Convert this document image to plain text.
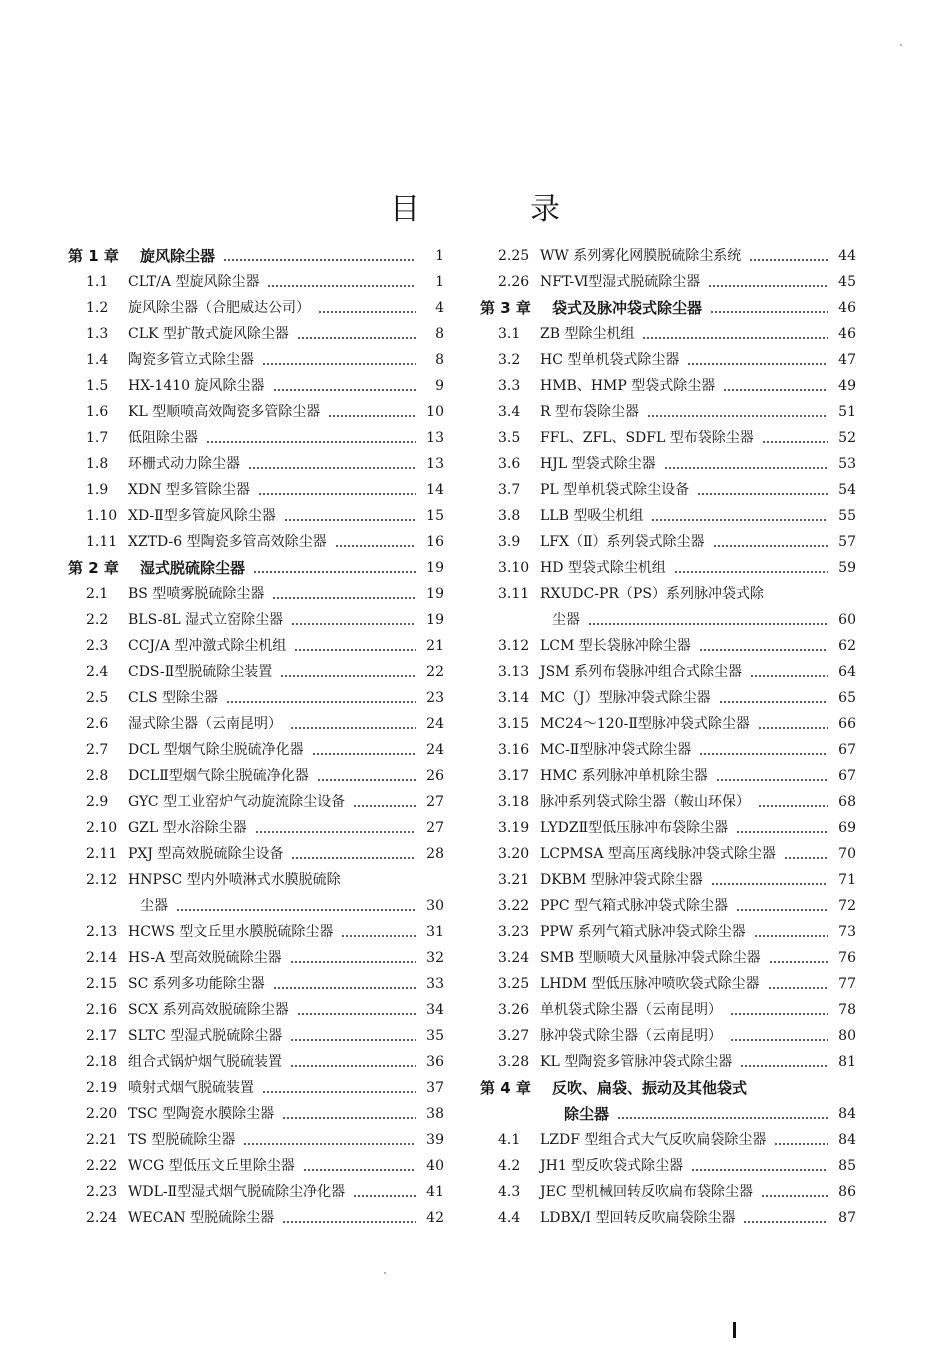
目	录
第 1 章 旋风除尘器	1
1.1 CLT/A 型旋风除尘器	1
1.2 旋风除尘器（合肥威达公司）	4
1.3 CLK 型扩散式旋风除尘器	8
1.4 陶瓷多管立式除尘器	8
1.5 HX-1410 旋风除尘器	9
1.6 KL 型顺喷高效陶瓷多管除尘器	10
1.7 低阻除尘器	13
1.8 环栅式动力除尘器	13
1.9 XDN 型多管除尘器	14
1.10 XD-Ⅱ型多管旋风除尘器	15
1.11 XZTD-6 型陶瓷多管高效除尘器	16
第 2 章 湿式脱硫除尘器	19
2.1 BS 型喷雾脱硫除尘器	19
2.2 BLS-8L 湿式立窑除尘器	19
2.3 CCJ/A 型冲激式除尘机组	21
2.4 CDS-Ⅱ型脱硫除尘装置	22
2.5 CLS 型除尘器	23
2.6 湿式除尘器（云南昆明）	24
2.7 DCL 型烟气除尘脱硫净化器	24
2.8 DCLⅡ型烟气除尘脱硫净化器	26
2.9 GYC 型工业窑炉气动旋流除尘设备	27
2.10 GZL 型水浴除尘器	27
2.11 PXJ 型高效脱硫除尘设备	28
2.12 HNPSC 型内外喷淋式水膜脱硫除
尘器	30
2.13 HCWS 型文丘里水膜脱硫除尘器	31
2.14 HS-A 型高效脱硫除尘器	32
2.15 SC 系列多功能除尘器	33
2.16 SCX 系列高效脱硫除尘器	34
2.17 SLTC 型湿式脱硫除尘器	35
2.18 组合式锅炉烟气脱硫装置	36
2.19 喷射式烟气脱硫装置	37
2.20 TSC 型陶瓷水膜除尘器	38
2.21 TS 型脱硫除尘器	39
2.22 WCG 型低压文丘里除尘器	40
2.23 WDL-Ⅱ型湿式烟气脱硫除尘净化器	41
2.24 WECAN 型脱硫除尘器	42
2.25 WW 系列雾化网膜脱硫除尘系统	44
2.26 NFT-Ⅵ型湿式脱硫除尘器	45
第 3 章 袋式及脉冲袋式除尘器	46
3.1 ZB 型除尘机组	46
3.2 HC 型单机袋式除尘器	47
3.3 HMB、HMP 型袋式除尘器	49
3.4 R 型布袋除尘器	51
3.5 FFL、ZFL、SDFL 型布袋除尘器	52
3.6 HJL 型袋式除尘器	53
3.7 PL 型单机袋式除尘设备	54
3.8 LLB 型吸尘机组	55
3.9 LFX（Ⅱ）系列袋式除尘器	57
3.10 HD 型袋式除尘机组	59
3.11 RXUDC-PR（PS）系列脉冲袋式除
尘器	60
3.12 LCM 型长袋脉冲除尘器	62
3.13 JSM 系列布袋脉冲组合式除尘器	64
3.14 MC（J）型脉冲袋式除尘器	65
3.15 MC24～120-Ⅱ型脉冲袋式除尘器	66
3.16 MC-Ⅱ型脉冲袋式除尘器	67
3.17 HMC 系列脉冲单机除尘器	67
3.18 脉冲系列袋式除尘器（鞍山环保）	68
3.19 LYDZⅡ型低压脉冲布袋除尘器	69
3.20 LCPMSA 型高压离线脉冲袋式除尘器	70
3.21 DKBM 型脉冲袋式除尘器	71
3.22 PPC 型气箱式脉冲袋式除尘器	72
3.23 PPW 系列气箱式脉冲袋式除尘器	73
3.24 SMB 型顺喷大风量脉冲袋式除尘器	76
3.25 LHDM 型低压脉冲喷吹袋式除尘器	77
3.26 单机袋式除尘器（云南昆明）	78
3.27 脉冲袋式除尘器（云南昆明）	80
3.28 KL 型陶瓷多管脉冲袋式除尘器	81
第 4 章 反吹、扁袋、振动及其他袋式
除尘器	84
4.1 LZDF 型组合式大气反吹扁袋除尘器	84
4.2 JH1 型反吹袋式除尘器	85
4.3 JEC 型机械回转反吹扁布袋除尘器	86
4.4 LDBX/I 型回转反吹扁袋除尘器	87
